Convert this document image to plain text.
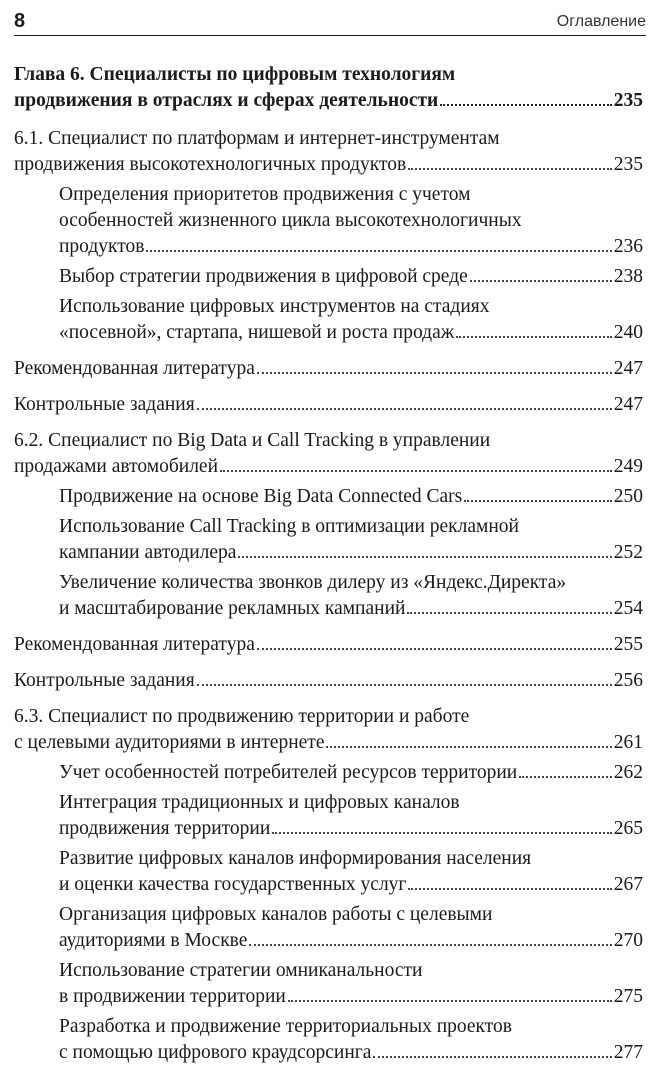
8	Оглавление
Глава 6. Специалисты по цифровым технологиям
продвижения в отраслях и сферах деятельности	235
6.1. Специалист по платформам и интернет-инструментам
продвижения высокотехнологичных продуктов	235
Определения приоритетов продвижения с учетом
особенностей жизненного цикла высокотехнологичных
продуктов	236
Выбор стратегии продвижения в цифровой среде	238
Использование цифровых инструментов на стадиях
«посевной», стартапа, нишевой и роста продаж	240
Рекомендованная литература	247
Контрольные задания	247
6.2. Специалист по Big Data и Call Tracking в управлении
продажами автомобилей	249
Продвижение на основе Big Data Connected Cars	250
Использование Call Tracking в оптимизации рекламной
кампании автодилера	252
Увеличение количества звонков дилеру из «Яндекс.Директа»
и масштабирование рекламных кампаний	254
Рекомендованная литература	255
Контрольные задания	256
6.3. Специалист по продвижению территории и работе
с целевыми аудиториями в интернете	261
Учет особенностей потребителей ресурсов территории	262
Интеграция традиционных и цифровых каналов
продвижения территории	265
Развитие цифровых каналов информирования населения
и оценки качества государственных услуг	267
Организация цифровых каналов работы с целевыми
аудиториями в Москве	270
Использование стратегии омниканальности
в продвижении территории	275
Разработка и продвижение территориальных проектов
с помощью цифрового краудсорсинга	277
